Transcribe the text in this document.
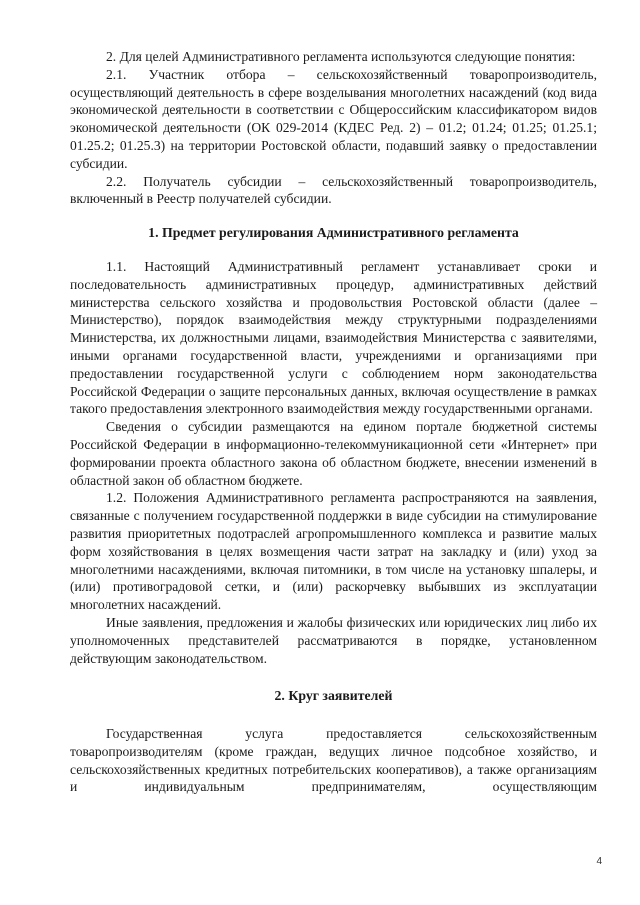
2. Для целей Административного регламента используются следующие понятия:

2.1. Участник отбора – сельскохозяйственный товаропроизводитель, осуществляющий деятельность в сфере возделывания многолетних насаждений (код вида экономической деятельности в соответствии с Общероссийским классификатором видов экономической деятельности (ОК 029-2014 (КДЕС Ред. 2) – 01.2; 01.24; 01.25; 01.25.1; 01.25.2; 01.25.3) на территории Ростовской области, подавший заявку о предоставлении субсидии.

2.2. Получатель субсидии – сельскохозяйственный товаропроизводитель, включенный в Реестр получателей субсидии.

1. Предмет регулирования Административного регламента

1.1. Настоящий Административный регламент устанавливает сроки и последовательность административных процедур, административных действий министерства сельского хозяйства и продовольствия Ростовской области (далее – Министерство), порядок взаимодействия между структурными подразделениями Министерства, их должностными лицами, взаимодействия Министерства с заявителями, иными органами государственной власти, учреждениями и организациями при предоставлении государственной услуги с соблюдением норм законодательства Российской Федерации о защите персональных данных, включая осуществление в рамках такого предоставления электронного взаимодействия между государственными органами.

Сведения о субсидии размещаются на едином портале бюджетной системы Российской Федерации в информационно-телекоммуникационной сети «Интернет» при формировании проекта областного закона об областном бюджете, внесении изменений в областной закон об областном бюджете.

1.2. Положения Административного регламента распространяются на заявления, связанные с получением государственной поддержки в виде субсидии на стимулирование развития приоритетных подотраслей агропромышленного комплекса и развитие малых форм хозяйствования в целях возмещения части затрат на закладку и (или) уход за многолетними насаждениями, включая питомники, в том числе на установку шпалеры, и (или) противоградовой сетки, и (или) раскорчевку выбывших из эксплуатации многолетних насаждений.

Иные заявления, предложения и жалобы физических или юридических лиц либо их уполномоченных представителей рассматриваются в порядке, установленном действующим законодательством.

2. Круг заявителей

Государственная услуга предоставляется сельскохозяйственным товаропроизводителям (кроме граждан, ведущих личное подсобное хозяйство, и сельскохозяйственных кредитных потребительских кооперативов), а также организациям и индивидуальным предпринимателям, осуществляющим

4
